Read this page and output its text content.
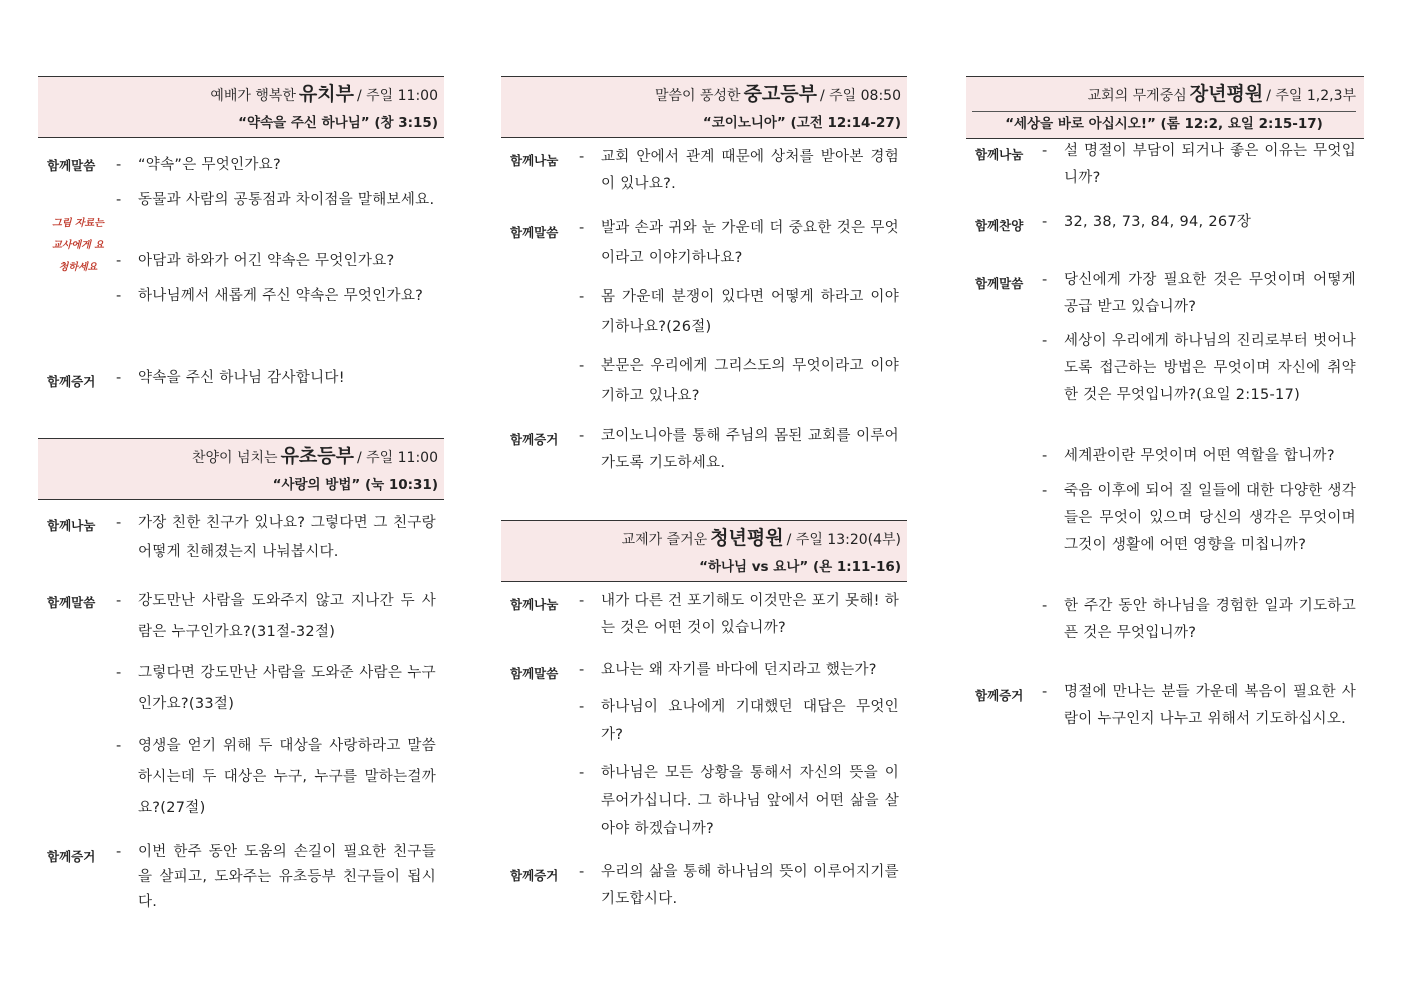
예배가 행복한 유치부 / 주일 11:00
“약속을 주신 하나님” (창 3:15)
함께말씀
그림 자료는 교사에게 요청하세요
-	“약속”은 무엇인가요?
-	동물과 사람의 공통점과 차이점을 말해보세요.
-	아담과 하와가 어긴 약속은 무엇인가요?
-	하나님께서 새롭게 주신 약속은 무엇인가요?
함께증거 -	약속을 주신 하나님 감사합니다!
찬양이 넘치는 유초등부 / 주일 11:00
“사랑의 방법” (눅 10:31)
함께나눔 -	가장 친한 친구가 있나요? 그렇다면 그 친구랑 어떻게 친해졌는지 나눠봅시다.
함께말씀 -	강도만난 사람을 도와주지 않고 지나간 두 사람은 누구인가요?(31절-32절)
-	그렇다면 강도만난 사람을 도와준 사람은 누구인가요?(33절)
-	영생을 얻기 위해 두 대상을 사랑하라고 말씀하시는데 두 대상은 누구, 누구를 말하는걸까요?(27절)
함께증거 -	이번 한주 동안 도움의 손길이 필요한 친구들을 살피고, 도와주는 유초등부 친구들이 됩시다.
말씀이 풍성한 중고등부 / 주일 08:50
“코이노니아” (고전 12:14-27)
함께나눔 -	교회 안에서 관계 때문에 상처를 받아본 경험이 있나요?.
함께말씀 -	발과 손과 귀와 눈 가운데 더 중요한 것은 무엇이라고 이야기하나요?
-	몸 가운데 분쟁이 있다면 어떻게 하라고 이야기하나요?(26절)
-	본문은 우리에게 그리스도의 무엇이라고 이야기하고 있나요?
함께증거 -	코이노니아를 통해 주님의 몸된 교회를 이루어 가도록 기도하세요.
교제가 즐거운 청년평원 / 주일 13:20(4부)
“하나님 vs 요나” (욘 1:11-16)
함께나눔 -	내가 다른 건 포기해도 이것만은 포기 못해! 하는 것은 어떤 것이 있습니까?
함께말씀 -	요나는 왜 자기를 바다에 던지라고 했는가?
-	하나님이 요나에게 기대했던 대답은 무엇인가?
-	하나님은 모든 상황을 통해서 자신의 뜻을 이루어가십니다. 그 하나님 앞에서 어떤 삶을 살아야 하겠습니까?
함께증거 -	우리의 삶을 통해 하나님의 뜻이 이루어지기를 기도합시다.
교회의 무게중심 장년평원 / 주일 1,2,3부
“세상을 바로 아십시오!” (롬 12:2, 요일 2:15-17)
함께나눔 -	설 명절이 부담이 되거나 좋은 이유는 무엇입니까?
함께찬양 -	32, 38, 73, 84, 94, 267장
함께말씀 -	당신에게 가장 필요한 것은 무엇이며 어떻게 공급 받고 있습니까?
-	세상이 우리에게 하나님의 진리로부터 벗어나도록 접근하는 방법은 무엇이며 자신에 취약한 것은 무엇입니까?(요일 2:15-17)
-	세계관이란 무엇이며 어떤 역할을 합니까?
-	죽음 이후에 되어 질 일들에 대한 다양한 생각들은 무엇이 있으며 당신의 생각은 무엇이며 그것이 생활에 어떤 영향을 미칩니까?
-	한 주간 동안 하나님을 경험한 일과 기도하고픈 것은 무엇입니까?
함께증거 -	명절에 만나는 분들 가운데 복음이 필요한 사람이 누구인지 나누고 위해서 기도하십시오.
